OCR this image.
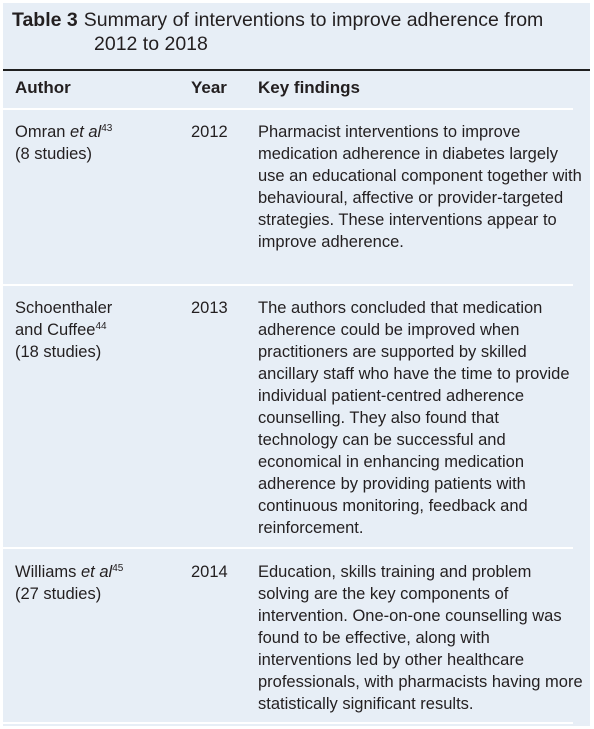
Table 3 Summary of interventions to improve adherence from
2012 to 2018
Author	Year Key findings
Omran et $al^{43}$
(8 studies)
2012	Pharmacist interventions to improve medication adherence in diabetes largely use an educational component together with behavioural, affective or provider-targeted strategies. These interventions appear to improve adherence.
Schoenthaler
and Cuffee$^{44}$
(18 studies)
2013	The authors concluded that medication adherence could be improved when practitioners are supported by skilled ancillary staff who have the time to provide individual patient-centred adherence counselling. They also found that technology can be successful and economical in enhancing medication adherence by providing patients with continuous monitoring, feedback and reinforcement.
Williams et $al^{45}$
(27 studies)
2014	Education, skills training and problem solving are the key components of intervention. One-on-one counselling was found to be effective, along with interventions led by other healthcare professionals, with pharmacists having more statistically significant results.
